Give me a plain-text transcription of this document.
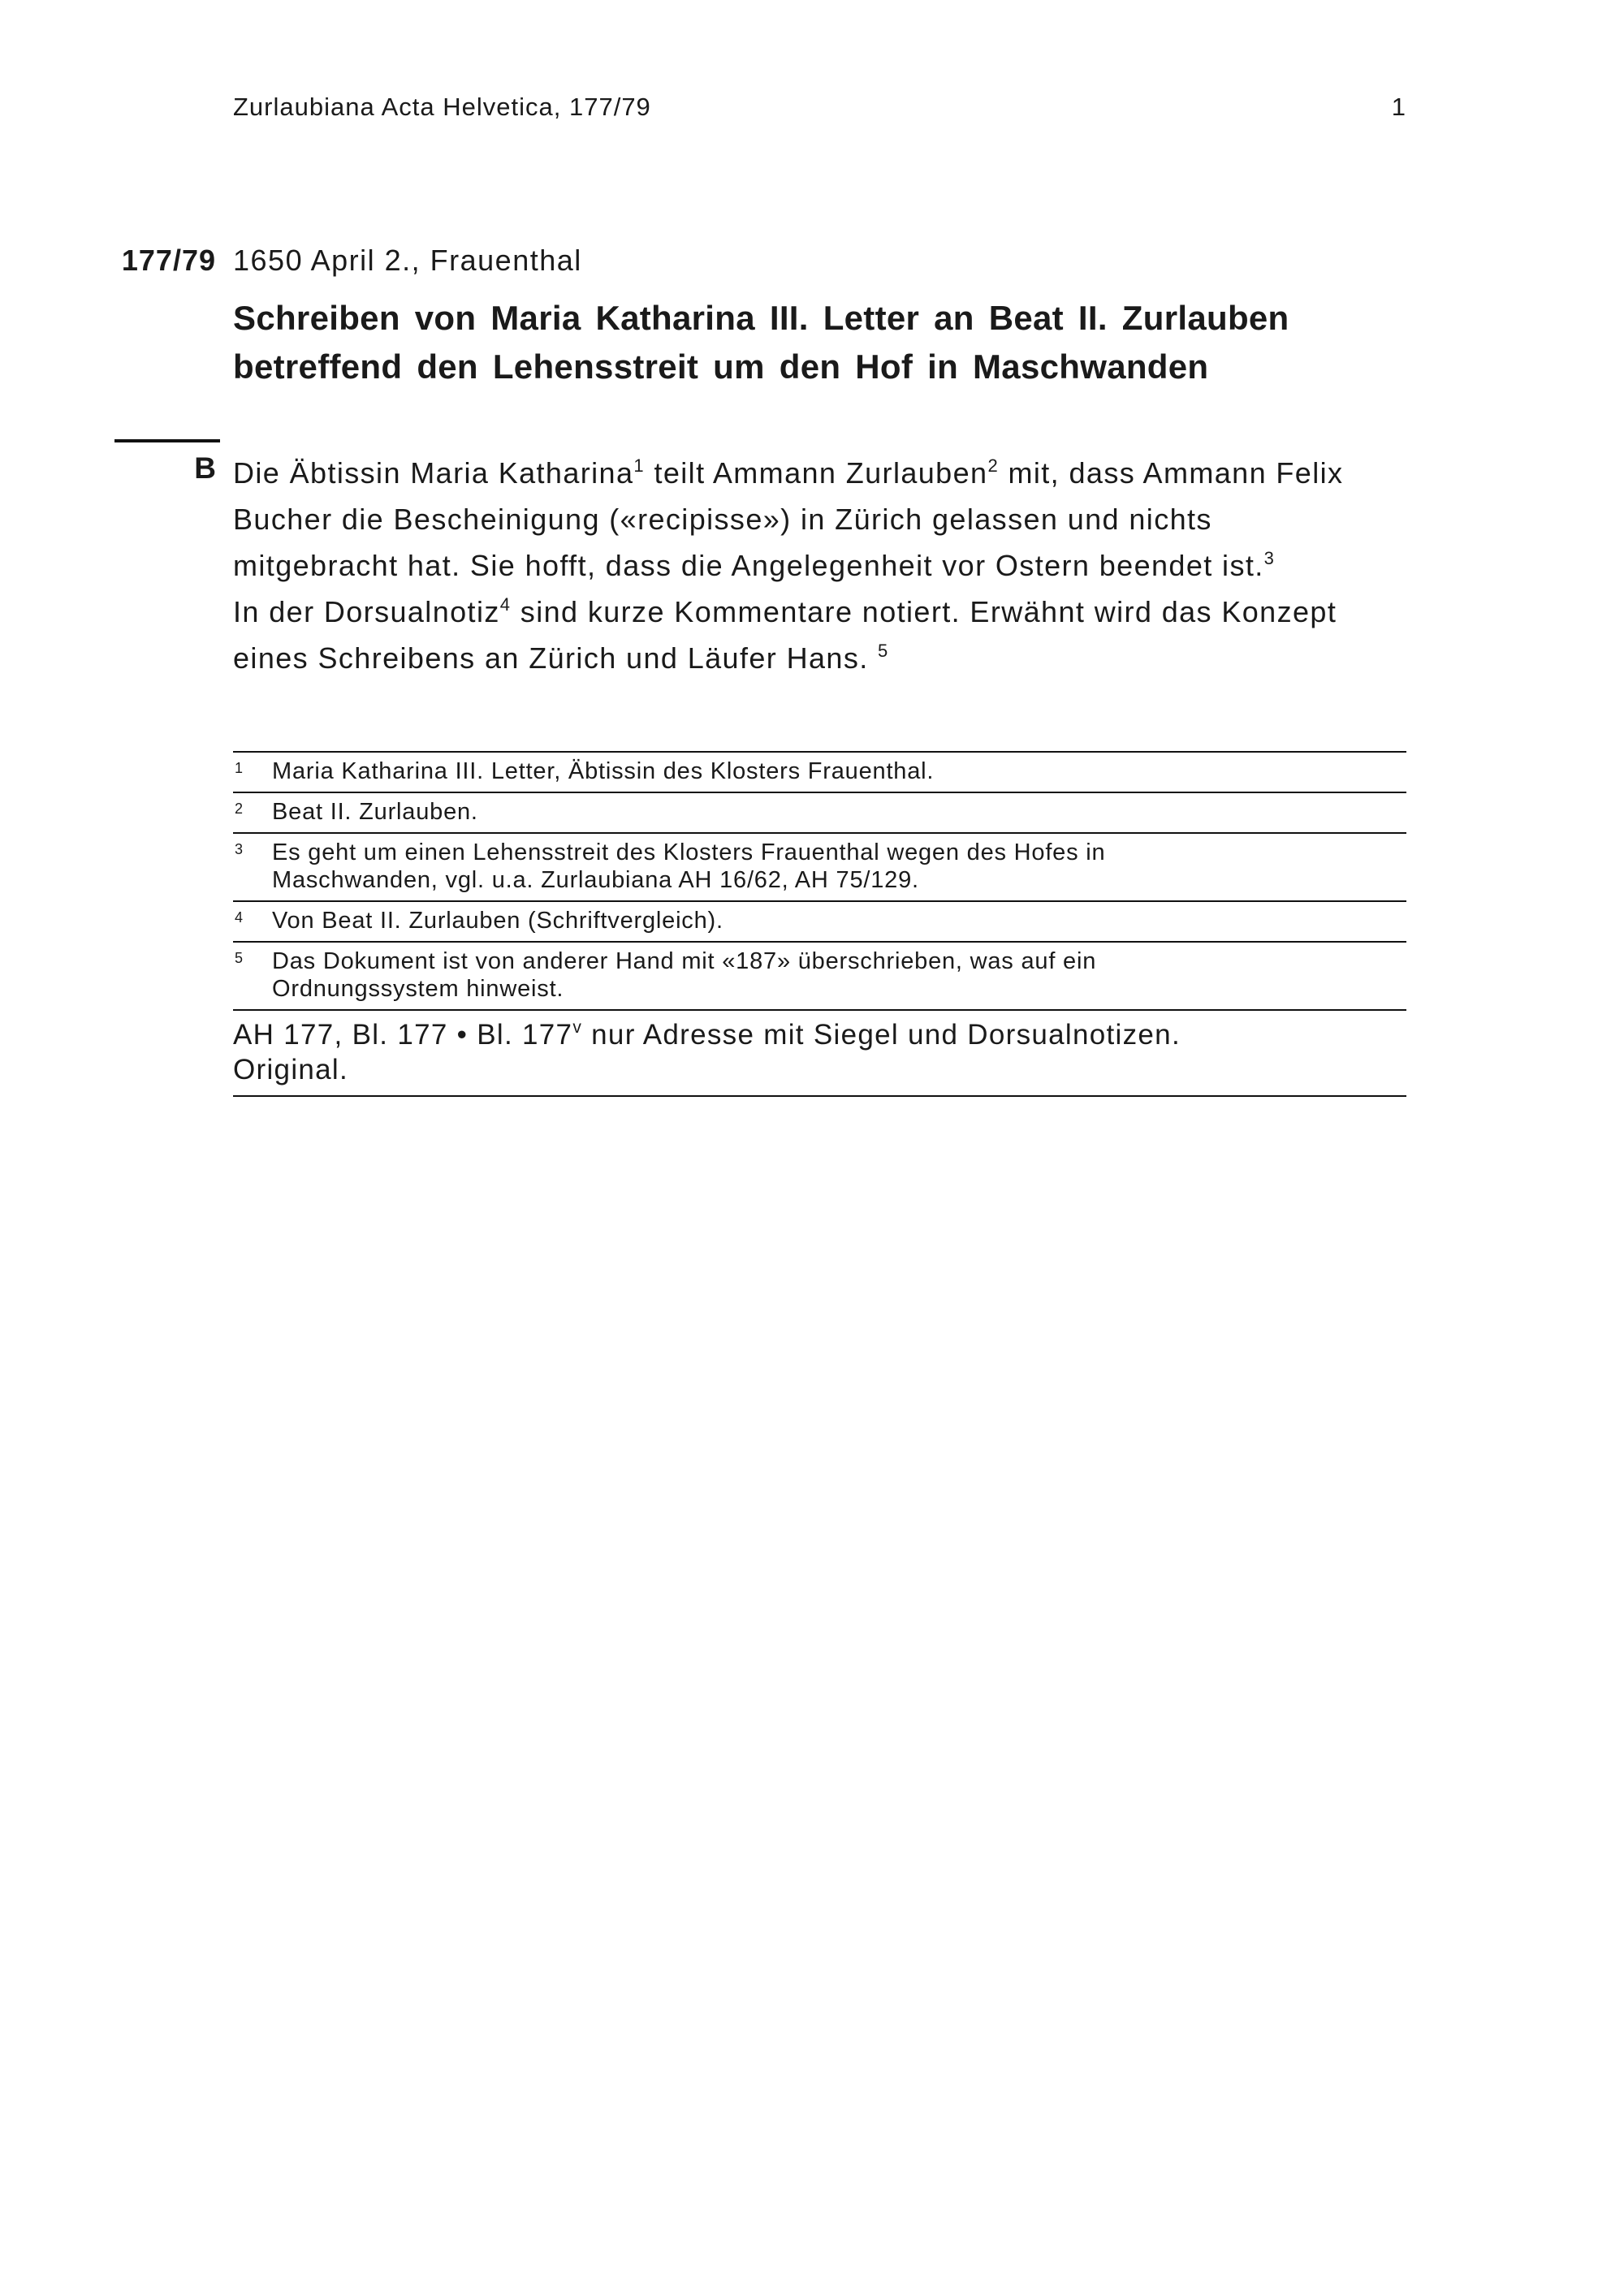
Zurlaubiana Acta Helvetica, 177/79	1
177/79 1650 April 2., Frauenthal
Schreiben von Maria Katharina III. Letter an Beat II. Zurlauben
betreffend den Lehensstreit um den Hof in Maschwanden
B Die Äbtissin Maria Katharina$^1$ teilt Ammann Zurlauben$^2$ mit, dass Ammann Felix
Bucher die Bescheinigung («recipisse») in Zürich gelassen und nichts
mitgebracht hat. Sie hofft, dass die Angelegenheit vor Ostern beendet ist.$^3$
In der Dorsualnotiz$^4$ sind kurze Kommentare notiert. Erwähnt wird das Konzept
eines Schreibens an Zürich und Läufer Hans. $^5$
1 Maria Katharina III. Letter, Äbtissin des Klosters Frauenthal.
2 Beat II. Zurlauben.
3 Es geht um einen Lehensstreit des Klosters Frauenthal wegen des Hofes in
Maschwanden, vgl. u.a. Zurlaubiana AH 16/62, AH 75/129.
4 Von Beat II. Zurlauben (Schriftvergleich).
5 Das Dokument ist von anderer Hand mit «187» überschrieben, was auf ein
Ordnungssystem hinweist.
AH 177, Bl. 177 • Bl. 177$^v$ nur Adresse mit Siegel und Dorsualnotizen.
Original.
